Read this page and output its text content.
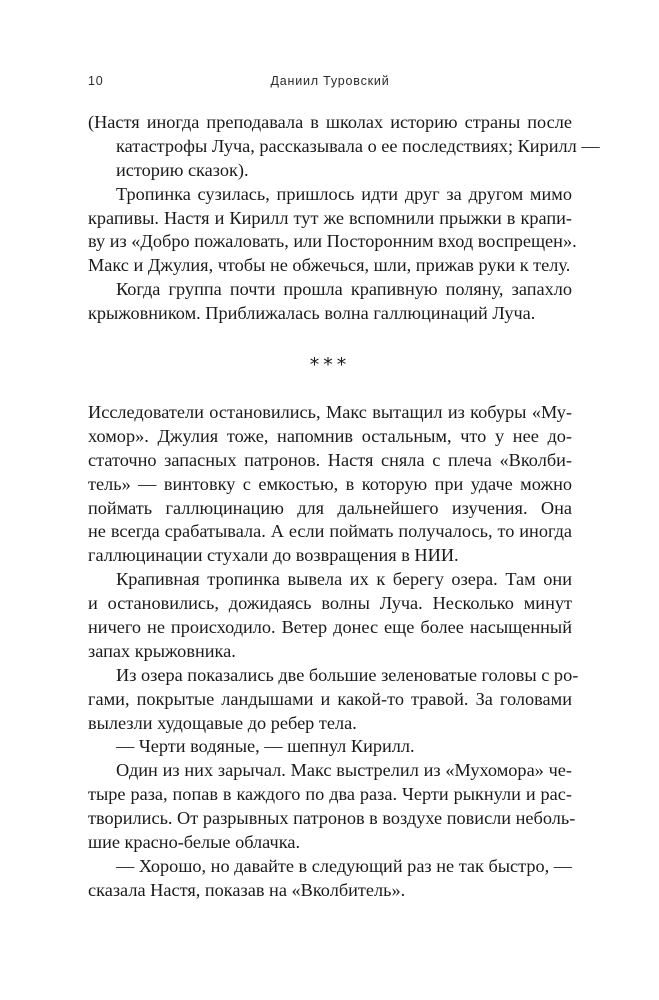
10	Даниил Туровский
(Настя иногда преподавала в школах историю страны после
катастрофы Луча, рассказывала о ее последствиях; Кирилл —
историю сказок).
Тропинка сузилась, пришлось идти друг за другом мимо
крапивы. Настя и Кирилл тут же вспомнили прыжки в крапи-
ву из «Добро пожаловать, или Посторонним вход воспрещен».
Макс и Джулия, чтобы не обжечься, шли, прижав руки к телу.
Когда группа почти прошла крапивную поляну, запахло
крыжовником. Приближалась волна галлюцинаций Луча.
***
Исследователи остановились, Макс вытащил из кобуры «Му-
хомор». Джулия тоже, напомнив остальным, что у нее до-
статочно запасных патронов. Настя сняла с плеча «Вколби-
тель» — винтовку с емкостью, в которую при удаче можно
поймать галлюцинацию для дальнейшего изучения. Она
не всегда срабатывала. А если поймать получалось, то иногда
галлюцинации стухали до возвращения в НИИ.
Крапивная тропинка вывела их к берегу озера. Там они
и остановились, дожидаясь волны Луча. Несколько минут
ничего не происходило. Ветер донес еще более насыщенный
запах крыжовника.
Из озера показались две большие зеленоватые головы с ро-
гами, покрытые ландышами и какой-то травой. За головами
вылезли худощавые до ребер тела.
— Черти водяные, — шепнул Кирилл.
Один из них зарычал. Макс выстрелил из «Мухомора» че-
тыре раза, попав в каждого по два раза. Черти рыкнули и рас-
творились. От разрывных патронов в воздухе повисли неболь-
шие красно-белые облачка.
— Хорошо, но давайте в следующий раз не так быстро, —
сказала Настя, показав на «Вколбитель».
